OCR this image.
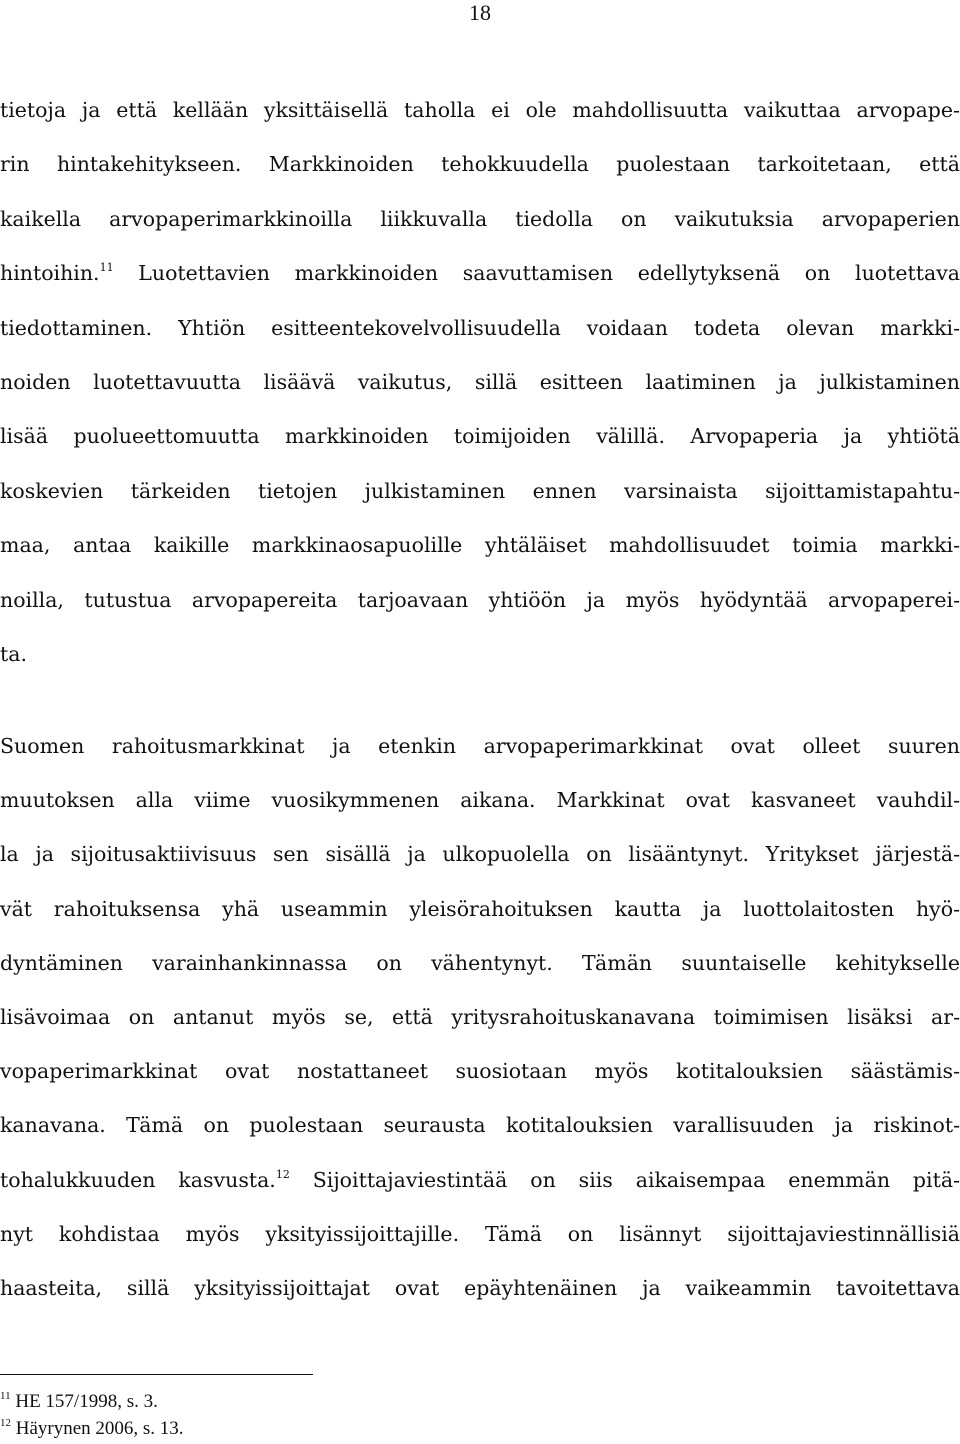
18
tietoja ja että kellään yksittäisellä taholla ei ole mahdollisuutta vaikuttaa arvopape-
rin hintakehitykseen. Markkinoiden tehokkuudella puolestaan tarkoitetaan, että
kaikella arvopaperimarkkinoilla liikkuvalla tiedolla on vaikutuksia arvopaperien
hintoihin.$^{11}$ Luotettavien markkinoiden saavuttamisen edellytyksenä on luotettava
tiedottaminen. Yhtiön esitteentekovelvollisuudella voidaan todeta olevan markki-
noiden luotettavuutta lisäävä vaikutus, sillä esitteen laatiminen ja julkistaminen
lisää puolueettomuutta markkinoiden toimijoiden välillä. Arvopaperia ja yhtiötä
koskevien tärkeiden tietojen julkistaminen ennen varsinaista sijoittamistapahtu-
maa, antaa kaikille markkinaosapuolille yhtäläiset mahdollisuudet toimia markki-
noilla, tutustua arvopapereita tarjoavaan yhtiöön ja myös hyödyntää arvopaperei-
ta.
Suomen rahoitusmarkkinat ja etenkin arvopaperimarkkinat ovat olleet suuren
muutoksen alla viime vuosikymmenen aikana. Markkinat ovat kasvaneet vauhdil-
la ja sijoitusaktiivisuus sen sisällä ja ulkopuolella on lisääntynyt. Yritykset järjestä-
vät rahoituksensa yhä useammin yleisörahoituksen kautta ja luottolaitosten hyö-
dyntäminen varainhankinnassa on vähentynyt. Tämän suuntaiselle kehitykselle
lisävoimaa on antanut myös se, että yritysrahoituskanavana toimimisen lisäksi ar-
vopaperimarkkinat ovat nostattaneet suosiotaan myös kotitalouksien säästämis-
kanavana. Tämä on puolestaan seurausta kotitalouksien varallisuuden ja riskinot-
tohalukkuuden kasvusta.$^{12}$ Sijoittajaviestintää on siis aikaisempaa enemmän pitä-
nyt kohdistaa myös yksityissijoittajille. Tämä on lisännyt sijoittajaviestinnällisiä
haasteita, sillä yksityissijoittajat ovat epäyhtenäinen ja vaikeammin tavoitettava
$^{11}$ HE 157/1998, s. 3.
$^{12}$ Häyrynen 2006, s. 13.
